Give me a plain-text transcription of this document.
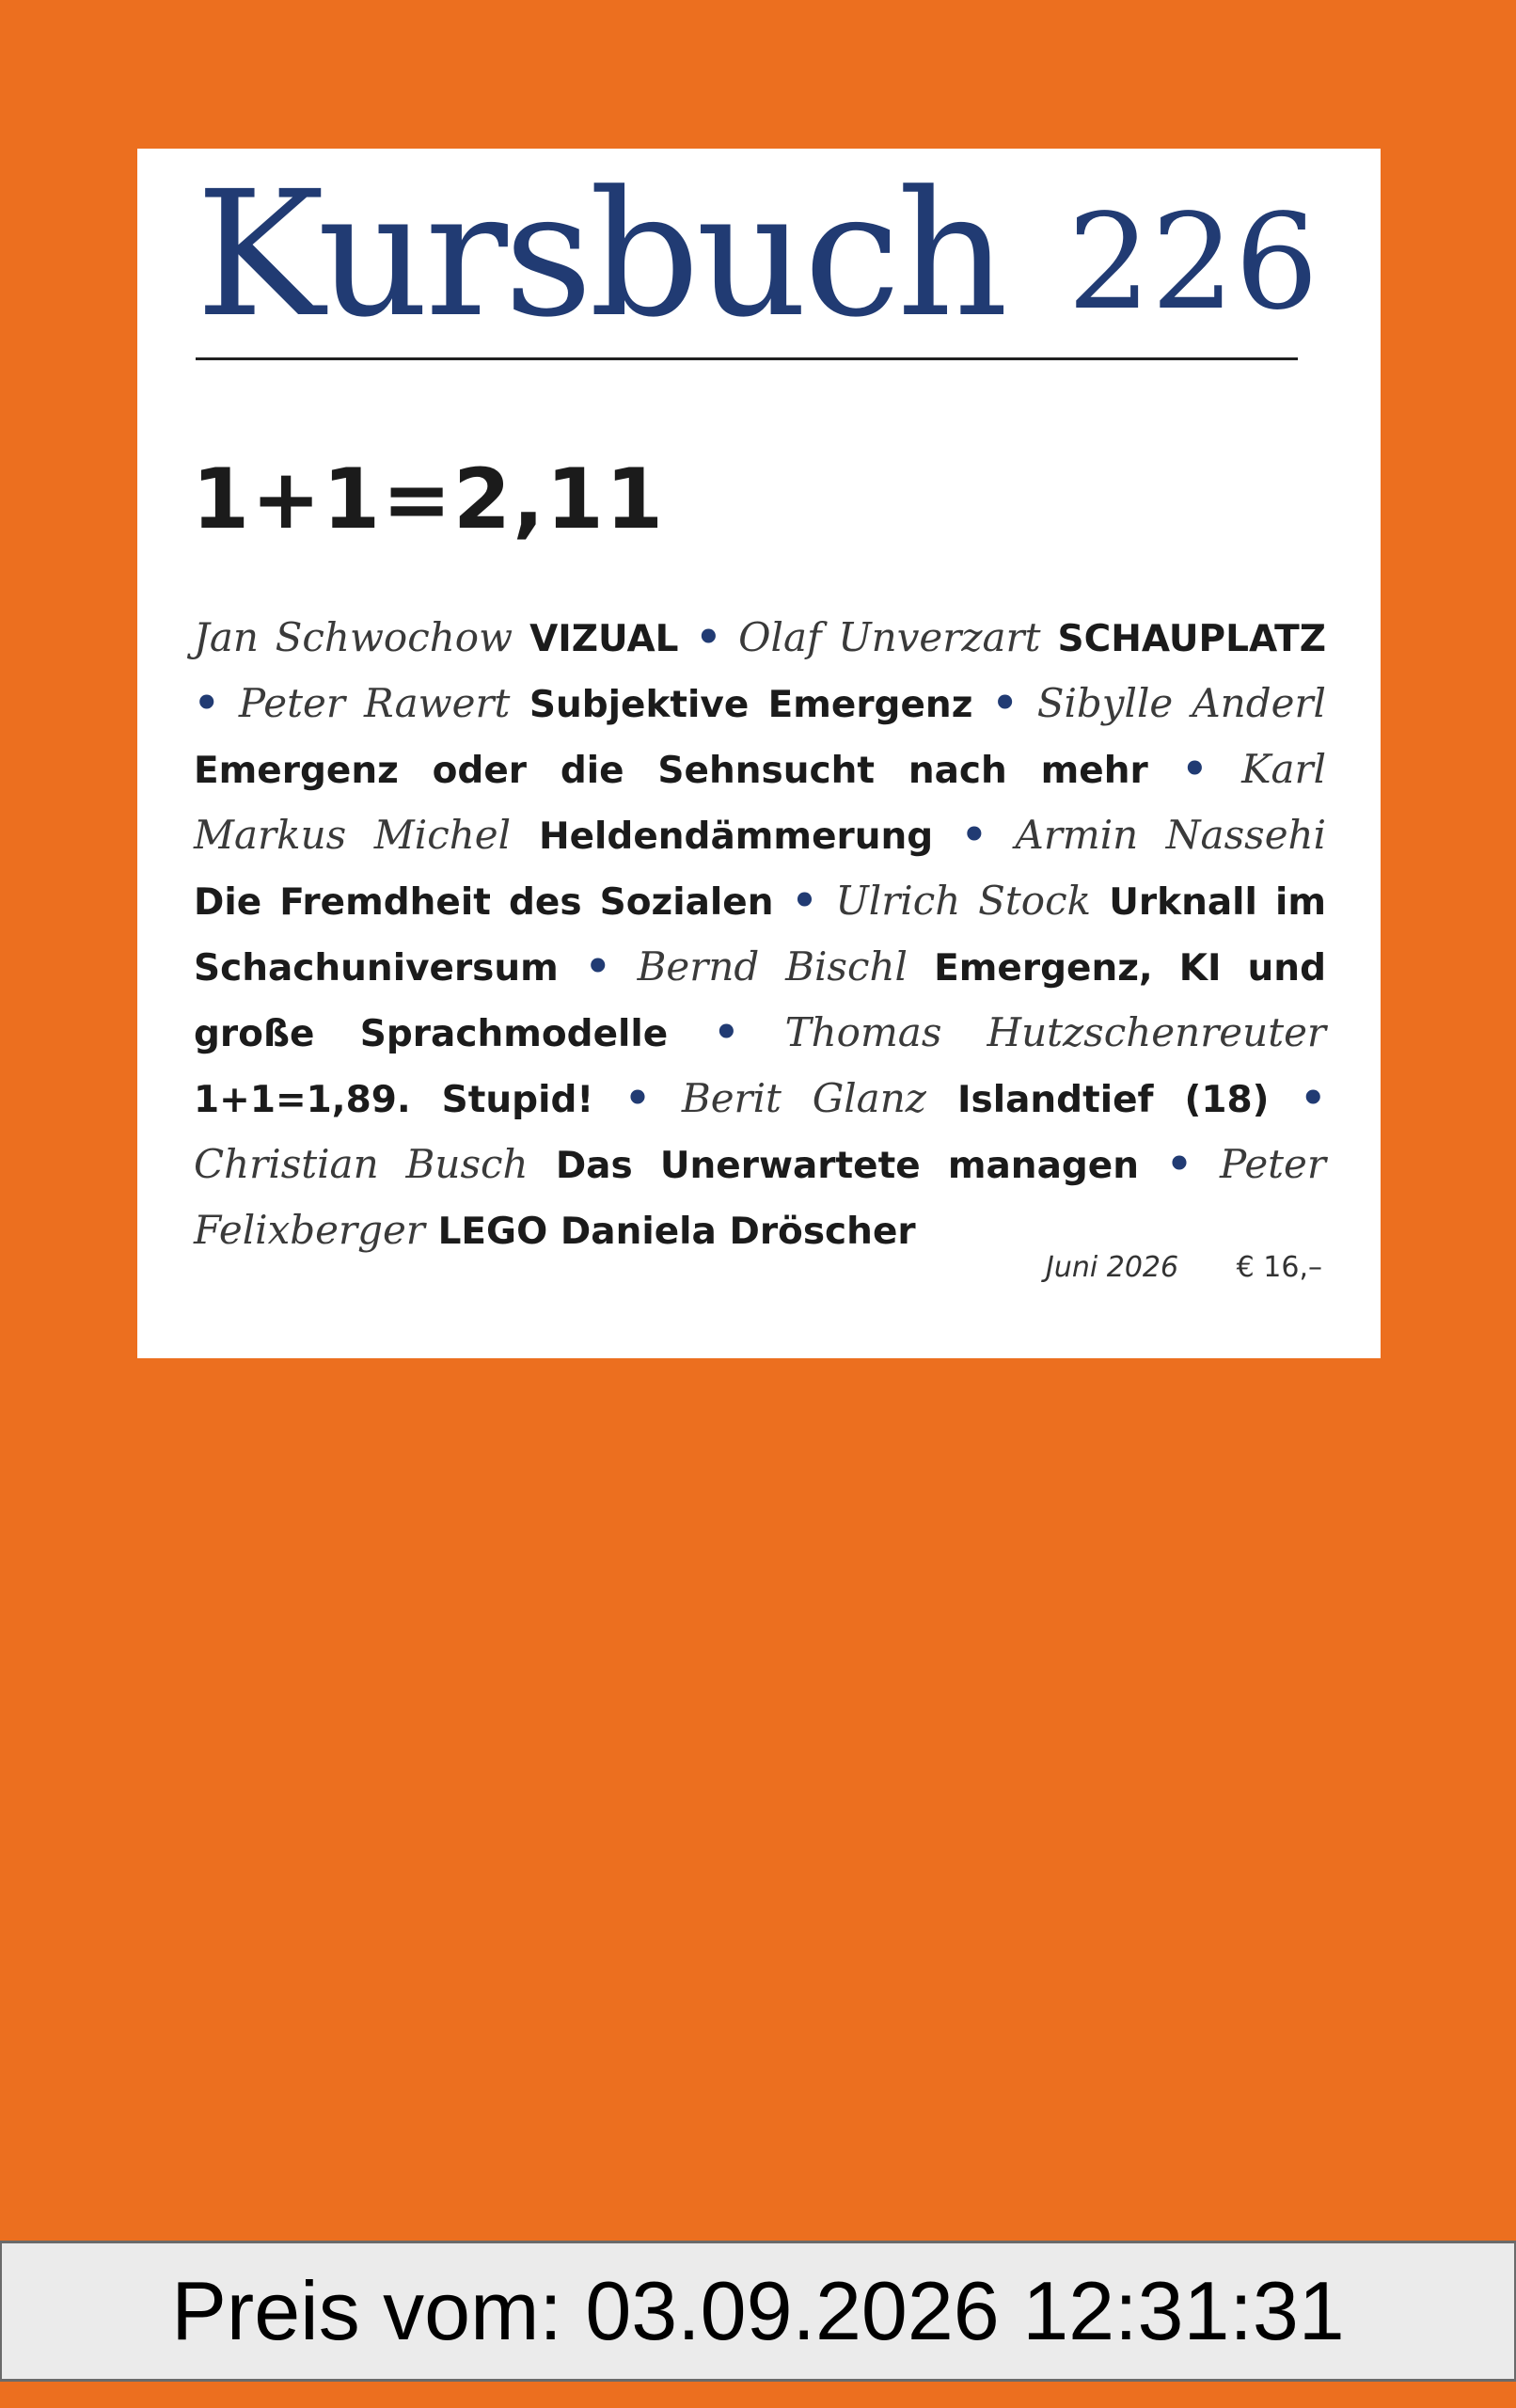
Kursbuch 226
1+1=2,11

Jan Schwochow VIZUAL • Olaf Unverzart SCHAUPLATZ • Peter Rawert Subjektive Emergenz • Sibylle Anderl Emergenz oder die Sehnsucht nach mehr • Karl Markus Michel Heldendämmerung • Armin Nassehi Die Fremdheit des Sozialen • Ulrich Stock Urknall im Schachuniversum • Bernd Bischl Emergenz, KI und große Sprachmodelle • Thomas Hutzschenreuter 1+1=1,89. Stupid! • Berit Glanz Islandtief (18) • Christian Busch Das Unerwartete managen • Peter Felixberger LEGO Daniela Dröscher

Juni 2026 € 16,–
Preis vom: 03.09.2026 12:31:31
